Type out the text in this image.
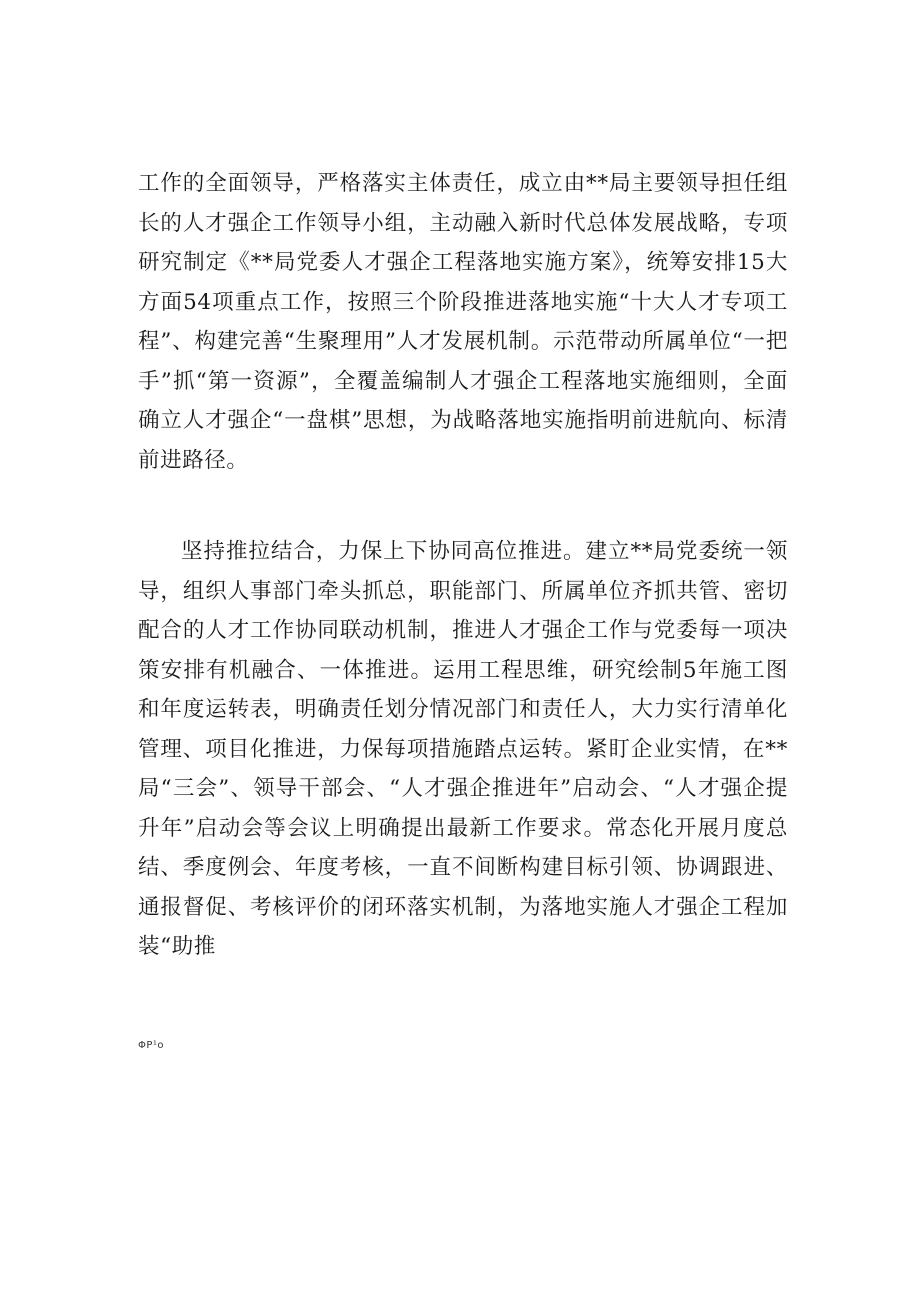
工作的全面领导，严格落实主体责任，成立由**局主要领导担任组长的人才强企工作领导小组，主动融入新时代总体发展战略，专项研究制定《**局党委人才强企工程落地实施方案》，统筹安排15大方面54项重点工作，按照三个阶段推进落地实施“十大人才专项工程”、构建完善“生聚理用”人才发展机制。示范带动所属单位“一把手”抓“第一资源”，全覆盖编制人才强企工程落地实施细则，全面确立人才强企“一盘棋”思想，为战略落地实施指明前进航向、标清前进路径。

坚持推拉结合，力保上下协同高位推进。建立**局党委统一领导，组织人事部门牵头抓总，职能部门、所属单位齐抓共管、密切配合的人才工作协同联动机制，推进人才强企工作与党委每一项决策安排有机融合、一体推进。运用工程思维，研究绘制5年施工图和年度运转表，明确责任划分情况部门和责任人，大力实行清单化管理、项目化推进，力保每项措施踏点运转。紧盯企业实情，在**局“三会”、领导干部会、“人才强企推进年”启动会、“人才强企提升年”启动会等会议上明确提出最新工作要求。常态化开展月度总结、季度例会、年度考核，一直不间断构建目标引领、协调跟进、通报督促、考核评价的闭环落实机制，为落地实施人才强企工程加装“助推

ΦP¹o
